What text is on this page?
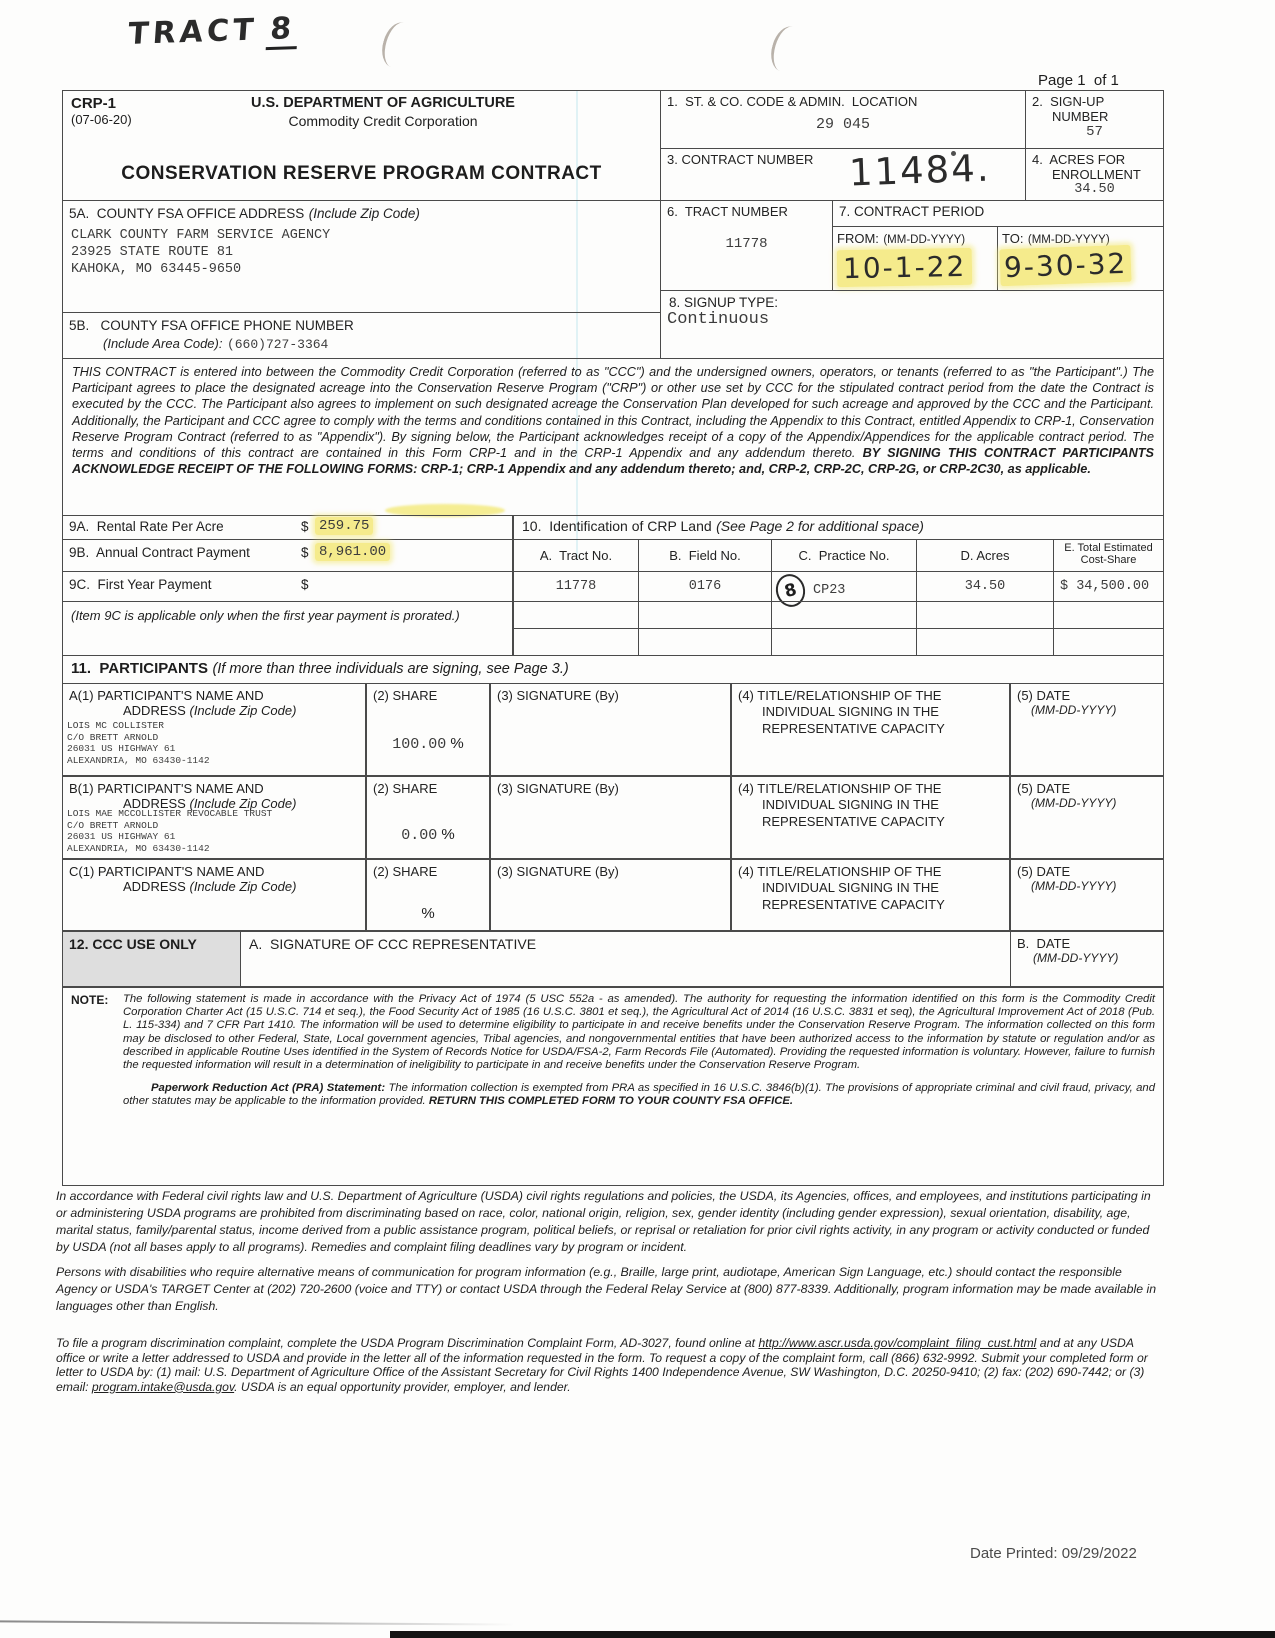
TRACT 8
Page 1  of 1
CRP-1
(07-06-20)
U.S. DEPARTMENT OF AGRICULTURE
Commodity Credit Corporation
CONSERVATION RESERVE PROGRAM CONTRACT
1.  ST. & CO. CODE & ADMIN.  LOCATION
29 045
2.  SIGN-UP
NUMBER
57
3. CONTRACT NUMBER 11484.	4.  ACRES FOR
ENROLLMENT
34.50
5A.  COUNTY FSA OFFICE ADDRESS (Include Zip Code)
CLARK COUNTY FARM SERVICE AGENCY
23925 STATE ROUTE 81
KAHOKA, MO 63445-9650
5B.   COUNTY FSA OFFICE PHONE NUMBER
(Include Area Code): (660)727-3364
6.  TRACT NUMBER
11778
7. CONTRACT PERIOD
FROM: (MM-DD-YYYY)
10-1-22
TO: (MM-DD-YYYY)
9-30-32
8. SIGNUP TYPE:
Continuous
THIS CONTRACT is entered into between the Commodity Credit Corporation (referred to as "CCC") and the undersigned owners, operators, or tenants (referred to as "the Participant".) The Participant agrees to place the designated acreage into the Conservation Reserve Program ("CRP") or other use set by CCC for the stipulated contract period from the date the Contract is executed by the CCC. The Participant also agrees to implement on such designated acreage the Conservation Plan developed for such acreage and approved by the CCC and the Participant. Additionally, the Participant and CCC agree to comply with the terms and conditions contained in this Contract, including the Appendix to this Contract, entitled Appendix to CRP-1, Conservation Reserve Program Contract (referred to as "Appendix"). By signing below, the Participant acknowledges receipt of a copy of the Appendix/Appendices for the applicable contract period. The terms and conditions of this contract are contained in this Form CRP-1 and in the CRP-1 Appendix and any addendum thereto. BY SIGNING THIS CONTRACT PARTICIPANTS ACKNOWLEDGE RECEIPT OF THE FOLLOWING FORMS: CRP-1; CRP-1 Appendix and any addendum thereto; and, CRP-2, CRP-2C, CRP-2G, or CRP-2C30, as applicable.
9A.  Rental Rate Per Acre	$ 259.75
9B.  Annual Contract Payment	$ 8,961.00
9C.  First Year Payment	$
(Item 9C is applicable only when the first year payment is prorated.)
10.  Identification of CRP Land (See Page 2 for additional space)
A.  Tract No.	B.  Field No.	C.  Practice No.	D. Acres	E. Total Estimated
Cost-Share
11778	0176	8	CP23	34.50	$ 34,500.00
11.  PARTICIPANTS (If more than three individuals are signing, see Page 3.)
A(1) PARTICIPANT'S NAME AND
ADDRESS (Include Zip Code)
LOIS MC COLLISTER
C/O BRETT ARNOLD
26031 US HIGHWAY 61
ALEXANDRIA, MO 63430-1142
(2) SHARE
100.00 %
(3) SIGNATURE (By)	(4) TITLE/RELATIONSHIP OF THE INDIVIDUAL SIGNING IN THE REPRESENTATIVE CAPACITY
(5) DATE
(MM-DD-YYYY)
B(1) PARTICIPANT'S NAME AND
ADDRESS (Include Zip Code)
LOIS MAE MCCOLLISTER REVOCABLE TRUST
C/O BRETT ARNOLD
26031 US HIGHWAY 61
ALEXANDRIA, MO 63430-1142
(2) SHARE
0.00 %
(3) SIGNATURE (By)	(4) TITLE/RELATIONSHIP OF THE INDIVIDUAL SIGNING IN THE REPRESENTATIVE CAPACITY
(5) DATE
(MM-DD-YYYY)
C(1) PARTICIPANT'S NAME AND
ADDRESS (Include Zip Code)
(2) SHARE
%
(3) SIGNATURE (By)	(4) TITLE/RELATIONSHIP OF THE INDIVIDUAL SIGNING IN THE REPRESENTATIVE CAPACITY
(5) DATE
(MM-DD-YYYY)
12. CCC USE ONLY	A.  SIGNATURE OF CCC REPRESENTATIVE	B.  DATE
(MM-DD-YYYY)
NOTE:	The following statement is made in accordance with the Privacy Act of 1974 (5 USC 552a - as amended). The authority for requesting the information identified on this form is the Commodity Credit Corporation Charter Act (15 U.S.C. 714 et seq.), the Food Security Act of 1985 (16 U.S.C. 3801 et seq.), the Agricultural Act of 2014 (16 U.S.C. 3831 et seq), the Agricultural Improvement Act of 2018 (Pub. L. 115-334) and 7 CFR Part 1410. The information will be used to determine eligibility to participate in and receive benefits under the Conservation Reserve Program. The information collected on this form may be disclosed to other Federal, State, Local government agencies, Tribal agencies, and nongovernmental entities that have been authorized access to the information by statute or regulation and/or as described in applicable Routine Uses identified in the System of Records Notice for USDA/FSA-2, Farm Records File (Automated). Providing the requested information is voluntary. However, failure to furnish the requested information will result in a determination of ineligibility to participate in and receive benefits under the Conservation Reserve Program.
Paperwork Reduction Act (PRA) Statement: The information collection is exempted from PRA as specified in 16 U.S.C. 3846(b)(1). The provisions of appropriate criminal and civil fraud, privacy, and other statutes may be applicable to the information provided. RETURN THIS COMPLETED FORM TO YOUR COUNTY FSA OFFICE.
In accordance with Federal civil rights law and U.S. Department of Agriculture (USDA) civil rights regulations and policies, the USDA, its Agencies, offices, and employees, and institutions participating in or administering USDA programs are prohibited from discriminating based on race, color, national origin, religion, sex, gender identity (including gender expression), sexual orientation, disability, age, marital status, family/parental status, income derived from a public assistance program, political beliefs, or reprisal or retaliation for prior civil rights activity, in any program or activity conducted or funded by USDA (not all bases apply to all programs). Remedies and complaint filing deadlines vary by program or incident.
Persons with disabilities who require alternative means of communication for program information (e.g., Braille, large print, audiotape, American Sign Language, etc.) should contact the responsible Agency or USDA's TARGET Center at (202) 720-2600 (voice and TTY) or contact USDA through the Federal Relay Service at (800) 877-8339. Additionally, program information may be made available in languages other than English.
To file a program discrimination complaint, complete the USDA Program Discrimination Complaint Form, AD-3027, found online at http://www.ascr.usda.gov/complaint_filing_cust.html and at any USDA office or write a letter addressed to USDA and provide in the letter all of the information requested in the form. To request a copy of the complaint form, call (866) 632-9992. Submit your completed form or letter to USDA by: (1) mail: U.S. Department of Agriculture Office of the Assistant Secretary for Civil Rights 1400 Independence Avenue, SW Washington, D.C. 20250-9410; (2) fax: (202) 690-7442; or (3) email: program.intake@usda.gov. USDA is an equal opportunity provider, employer, and lender.
Date Printed: 09/29/2022
